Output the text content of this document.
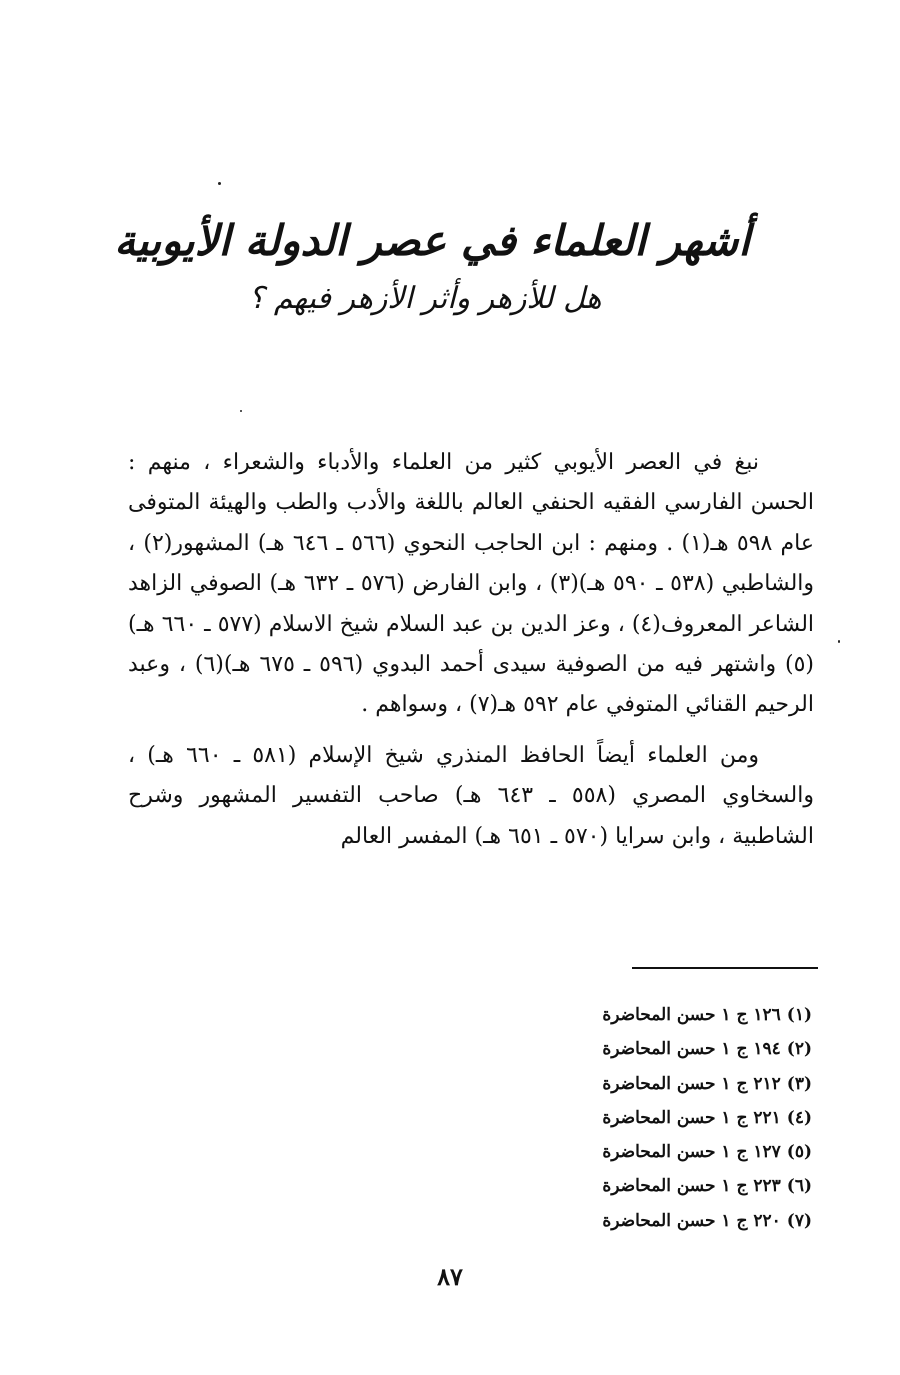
أشهر العلماء في عصر الدولة الأيوبية
هل للأزهر وأثر الأزهر فيهم ؟

نبغ في العصر الأيوبي كثير من العلماء والأدباء والشعراء ، منهم : الحسن الفارسي الفقيه الحنفي العالم باللغة والأدب والطب والهيئة المتوفى عام ٥٩٨ هـ(١) . ومنهم : ابن الحاجب النحوي (٥٦٦ ـ ٦٤٦ هـ) المشهور(٢) ، والشاطبي (٥٣٨ ـ ٥٩٠ هـ)(٣) ، وابن الفارض (٥٧٦ ـ ٦٣٢ هـ) الصوفي الزاهد الشاعر المعروف(٤) ، وعز الدين بن عبد السلام شيخ الاسلام (٥٧٧ ـ ٦٦٠ هـ)(٥) واشتهر فيه من الصوفية سيدى أحمد البدوي (٥٩٦ ـ ٦٧٥ هـ)(٦) ، وعبد الرحيم القنائي المتوفي عام ٥٩٢ هـ(٧) ، وسواهم .

ومن العلماء أيضاً الحافظ المنذري شيخ الإسلام (٥٨١ ـ ٦٦٠ هـ) ، والسخاوي المصري (٥٥٨ ـ ٦٤٣ هـ) صاحب التفسير المشهور وشرح الشاطبية ، وابن سرايا (٥٧٠ ـ ٦٥١ هـ) المفسر العالم

(١)١٢٦ ج ١ حسن المحاضرة
(٢)١٩٤ ج ١ حسن المحاضرة
(٣)٢١٢ ج ١ حسن المحاضرة
(٤)٢٢١ ج ١ حسن المحاضرة
(٥)١٢٧ ج ١ حسن المحاضرة
(٦)٢٢٣ ج ١ حسن المحاضرة
(٧)٢٢٠ ج ١ حسن المحاضرة
٨٧
